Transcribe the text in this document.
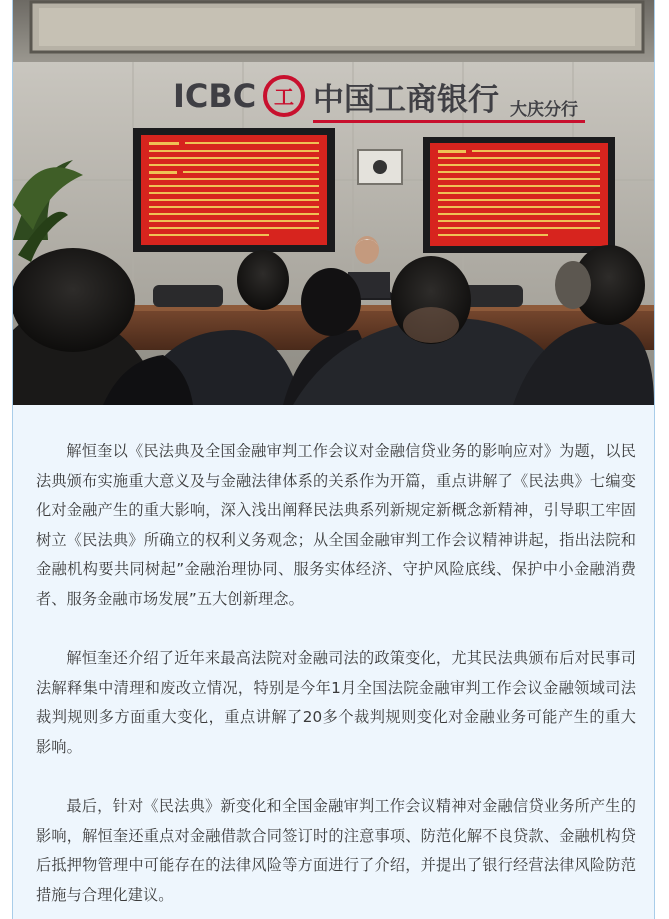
ICBC 工 中国工商银行 大庆分行

解恒奎以《民法典及全国金融审判工作会议对金融信贷业务的影响应对》为题，以民法典颁布实施重大意义及与金融法律体系的关系作为开篇，重点讲解了《民法典》七编变化对金融产生的重大影响，深入浅出阐释民法典系列新规定新概念新精神，引导职工牢固树立《民法典》所确立的权利义务观念；从全国金融审判工作会议精神讲起，指出法院和金融机构要共同树起”金融治理协同、服务实体经济、守护风险底线、保护中小金融消费者、服务金融市场发展”五大创新理念。

解恒奎还介绍了近年来最高法院对金融司法的政策变化，尤其民法典颁布后对民事司法解释集中清理和废改立情况，特别是今年1月全国法院金融审判工作会议金融领域司法裁判规则多方面重大变化，重点讲解了20多个裁判规则变化对金融业务可能产生的重大影响。

最后，针对《民法典》新变化和全国金融审判工作会议精神对金融信贷业务所产生的影响，解恒奎还重点对金融借款合同签订时的注意事项、防范化解不良贷款、金融机构贷后抵押物管理中可能存在的法律风险等方面进行了介绍，并提出了银行经营法律风险防范措施与合理化建议。
